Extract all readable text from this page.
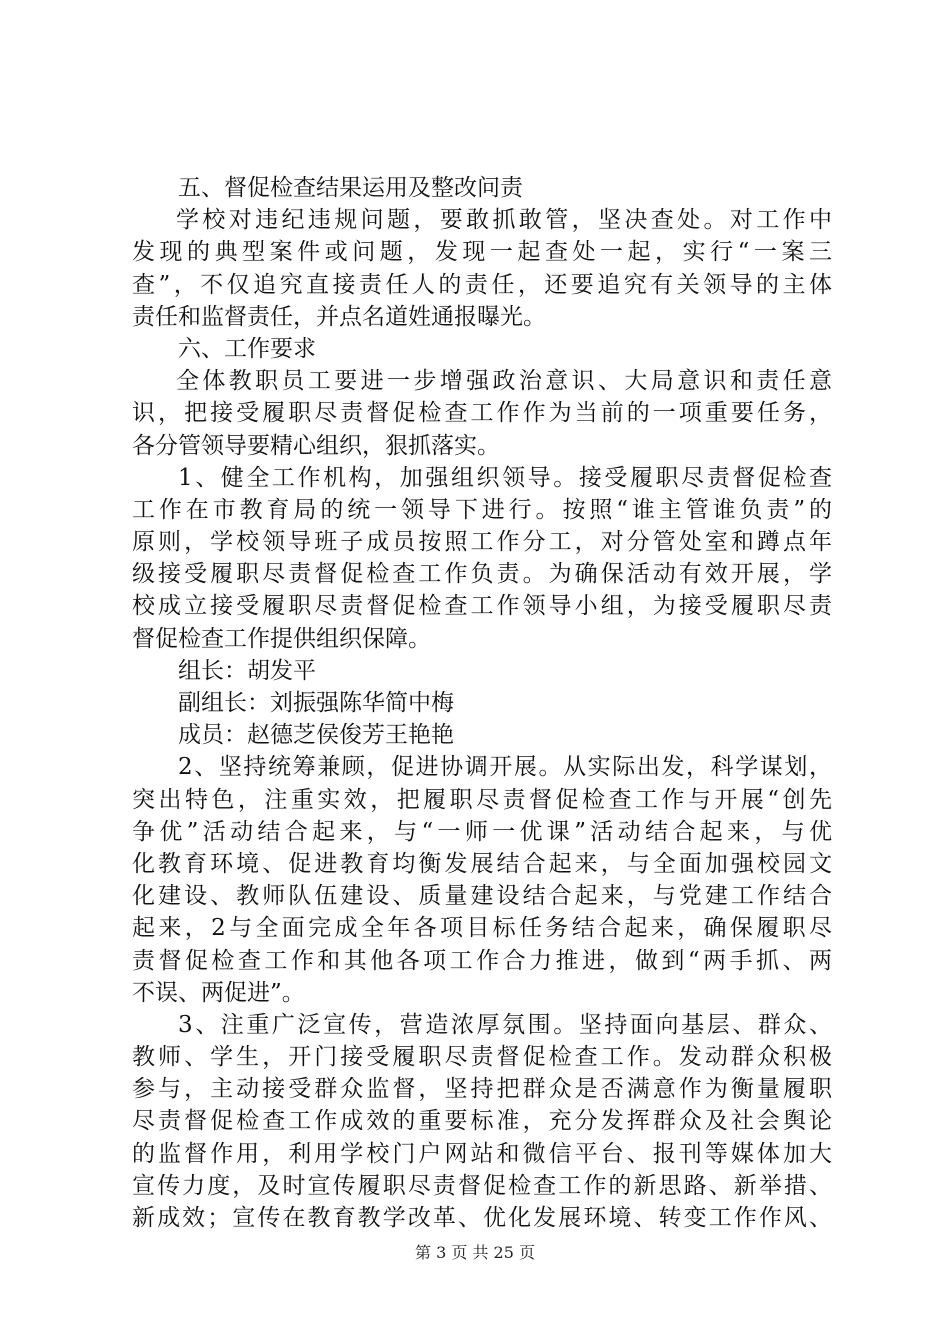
五、督促检查结果运用及整改问责
学校对违纪违规问题，要敢抓敢管，坚决查处。对工作中
发现的典型案件或问题，发现一起查处一起，实行“一案三
查”，不仅追究直接责任人的责任，还要追究有关领导的主体
责任和监督责任，并点名道姓通报曝光。
六、工作要求
全体教职员工要进一步增强政治意识、大局意识和责任意
识，把接受履职尽责督促检查工作作为当前的一项重要任务，
各分管领导要精心组织，狠抓落实。
1、健全工作机构，加强组织领导。接受履职尽责督促检查
工作在市教育局的统一领导下进行。按照“谁主管谁负责”的
原则，学校领导班子成员按照工作分工，对分管处室和蹲点年
级接受履职尽责督促检查工作负责。为确保活动有效开展，学
校成立接受履职尽责督促检查工作领导小组，为接受履职尽责
督促检查工作提供组织保障。
组长：胡发平
副组长：刘振强陈华简中梅
成员：赵德芝侯俊芳王艳艳
2、坚持统筹兼顾，促进协调开展。从实际出发，科学谋划，
突出特色，注重实效，把履职尽责督促检查工作与开展“创先
争优”活动结合起来，与“一师一优课”活动结合起来，与优
化教育环境、促进教育均衡发展结合起来，与全面加强校园文
化建设、教师队伍建设、质量建设结合起来，与党建工作结合
起来，2与全面完成全年各项目标任务结合起来，确保履职尽
责督促检查工作和其他各项工作合力推进，做到“两手抓、两
不误、两促进”。
3、注重广泛宣传，营造浓厚氛围。坚持面向基层、群众、
教师、学生，开门接受履职尽责督促检查工作。发动群众积极
参与，主动接受群众监督，坚持把群众是否满意作为衡量履职
尽责督促检查工作成效的重要标准，充分发挥群众及社会舆论
的监督作用，利用学校门户网站和微信平台、报刊等媒体加大
宣传力度，及时宣传履职尽责督促检查工作的新思路、新举措、
新成效；宣传在教育教学改革、优化发展环境、转变工作作风、
第 3 页 共 25 页
